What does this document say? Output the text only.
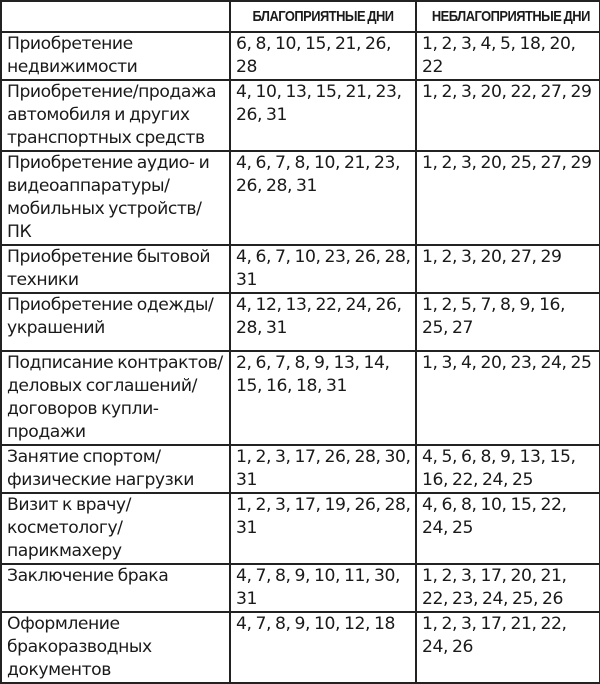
	БЛАГОПРИЯТНЫЕ ДНИ	НЕБЛАГОПРИЯТНЫЕ ДНИ
Приобретение недвижимости	6, 8, 10, 15, 21, 26, 28	1, 2, 3, 4, 5, 18, 20, 22
Приобретение/продажа автомобиля и других транспортных средств	4, 10, 13, 15, 21, 23, 26, 31	1, 2, 3, 20, 22, 27, 29
Приобретение аудио- и видеоаппаратуры/ мобильных устройств/ПК	4, 6, 7, 8, 10, 21, 23, 26, 28, 31	1, 2, 3, 20, 25, 27, 29
Приобретение бытовой техники	4, 6, 7, 10, 23, 26, 28, 31	1, 2, 3, 20, 27, 29
Приобретение одежды/ украшений	4, 12, 13, 22, 24, 26, 28, 31	1, 2, 5, 7, 8, 9, 16, 25, 27
Подписание контрактов/ деловых соглашений/ договоров купли-продажи	2, 6, 7, 8, 9, 13, 14, 15, 16, 18, 31	1, 3, 4, 20, 23, 24, 25
Занятие спортом/ физические нагрузки	1, 2, 3, 17, 26, 28, 30, 31	4, 5, 6, 8, 9, 13, 15, 16, 22, 24, 25
Визит к врачу/ косметологу/ парикмахеру	1, 2, 3, 17, 19, 26, 28, 31	4, 6, 8, 10, 15, 22, 24, 25
Заключение брака	4, 7, 8, 9, 10, 11, 30, 31	1, 2, 3, 17, 20, 21, 22, 23, 24, 25, 26
Оформление бракоразводных документов	4, 7, 8, 9, 10, 12, 18	1, 2, 3, 17, 21, 22, 24, 26
